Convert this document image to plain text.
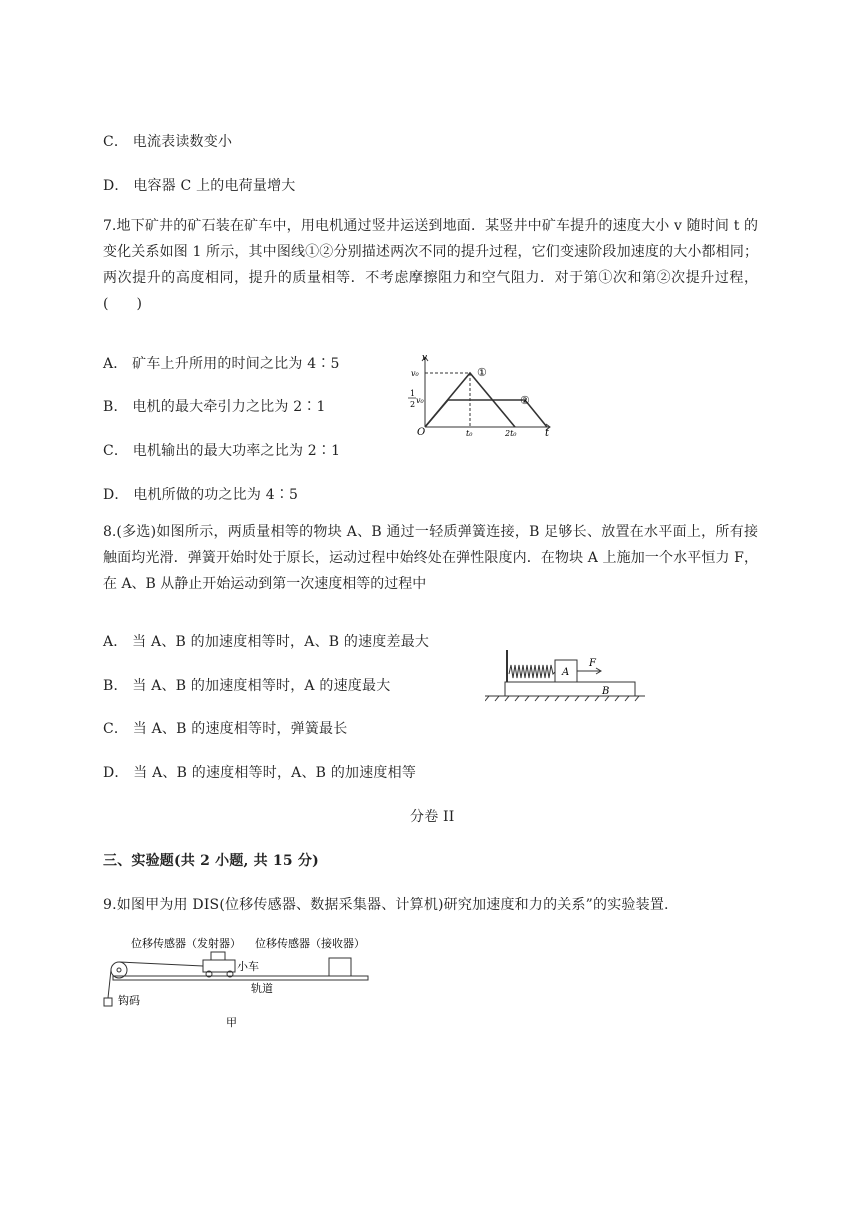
C． 电流表读数变小
D． 电容器 C 上的电荷量增大
7.地下矿井的矿石装在矿车中，用电机通过竖井运送到地面．某竖井中矿车提升的速度大小 v 随时间 t 的变化关系如图 1 所示，其中图线①②分别描述两次不同的提升过程，它们变速阶段加速度的大小都相同；两次提升的高度相同，提升的质量相等．不考虑摩擦阻力和空气阻力．对于第①次和第②次提升过程，(　　)
A． 矿车上升所用的时间之比为 4∶5
B． 电机的最大牵引力之比为 2∶1
C． 电机输出的最大功率之比为 2∶1
D． 电机所做的功之比为 4∶5
v
t
O
v₀
1
2 v₀
t₀	2t₀
①
②
8.(多选)如图所示，两质量相等的物块 A、B 通过一轻质弹簧连接，B 足够长、放置在水平面上，所有接触面均光滑．弹簧开始时处于原长，运动过程中始终处在弹性限度内．在物块 A 上施加一个水平恒力 F，在 A、B 从静止开始运动到第一次速度相等的过程中
A． 当 A、B 的加速度相等时，A、B 的速度差最大
B． 当 A、B 的加速度相等时，A 的速度最大
C． 当 A、B 的速度相等时，弹簧最长
D． 当 A、B 的速度相等时，A、B 的加速度相等
A
B
F
分卷 II
三、实验题(共 2 小题, 共 15 分)
9.如图甲为用 DIS(位移传感器、数据采集器、计算机)研究加速度和力的关系”的实验装置.
位移传感器（发射器） 位移传感器（接收器）
小车
钩码
轨道
甲
